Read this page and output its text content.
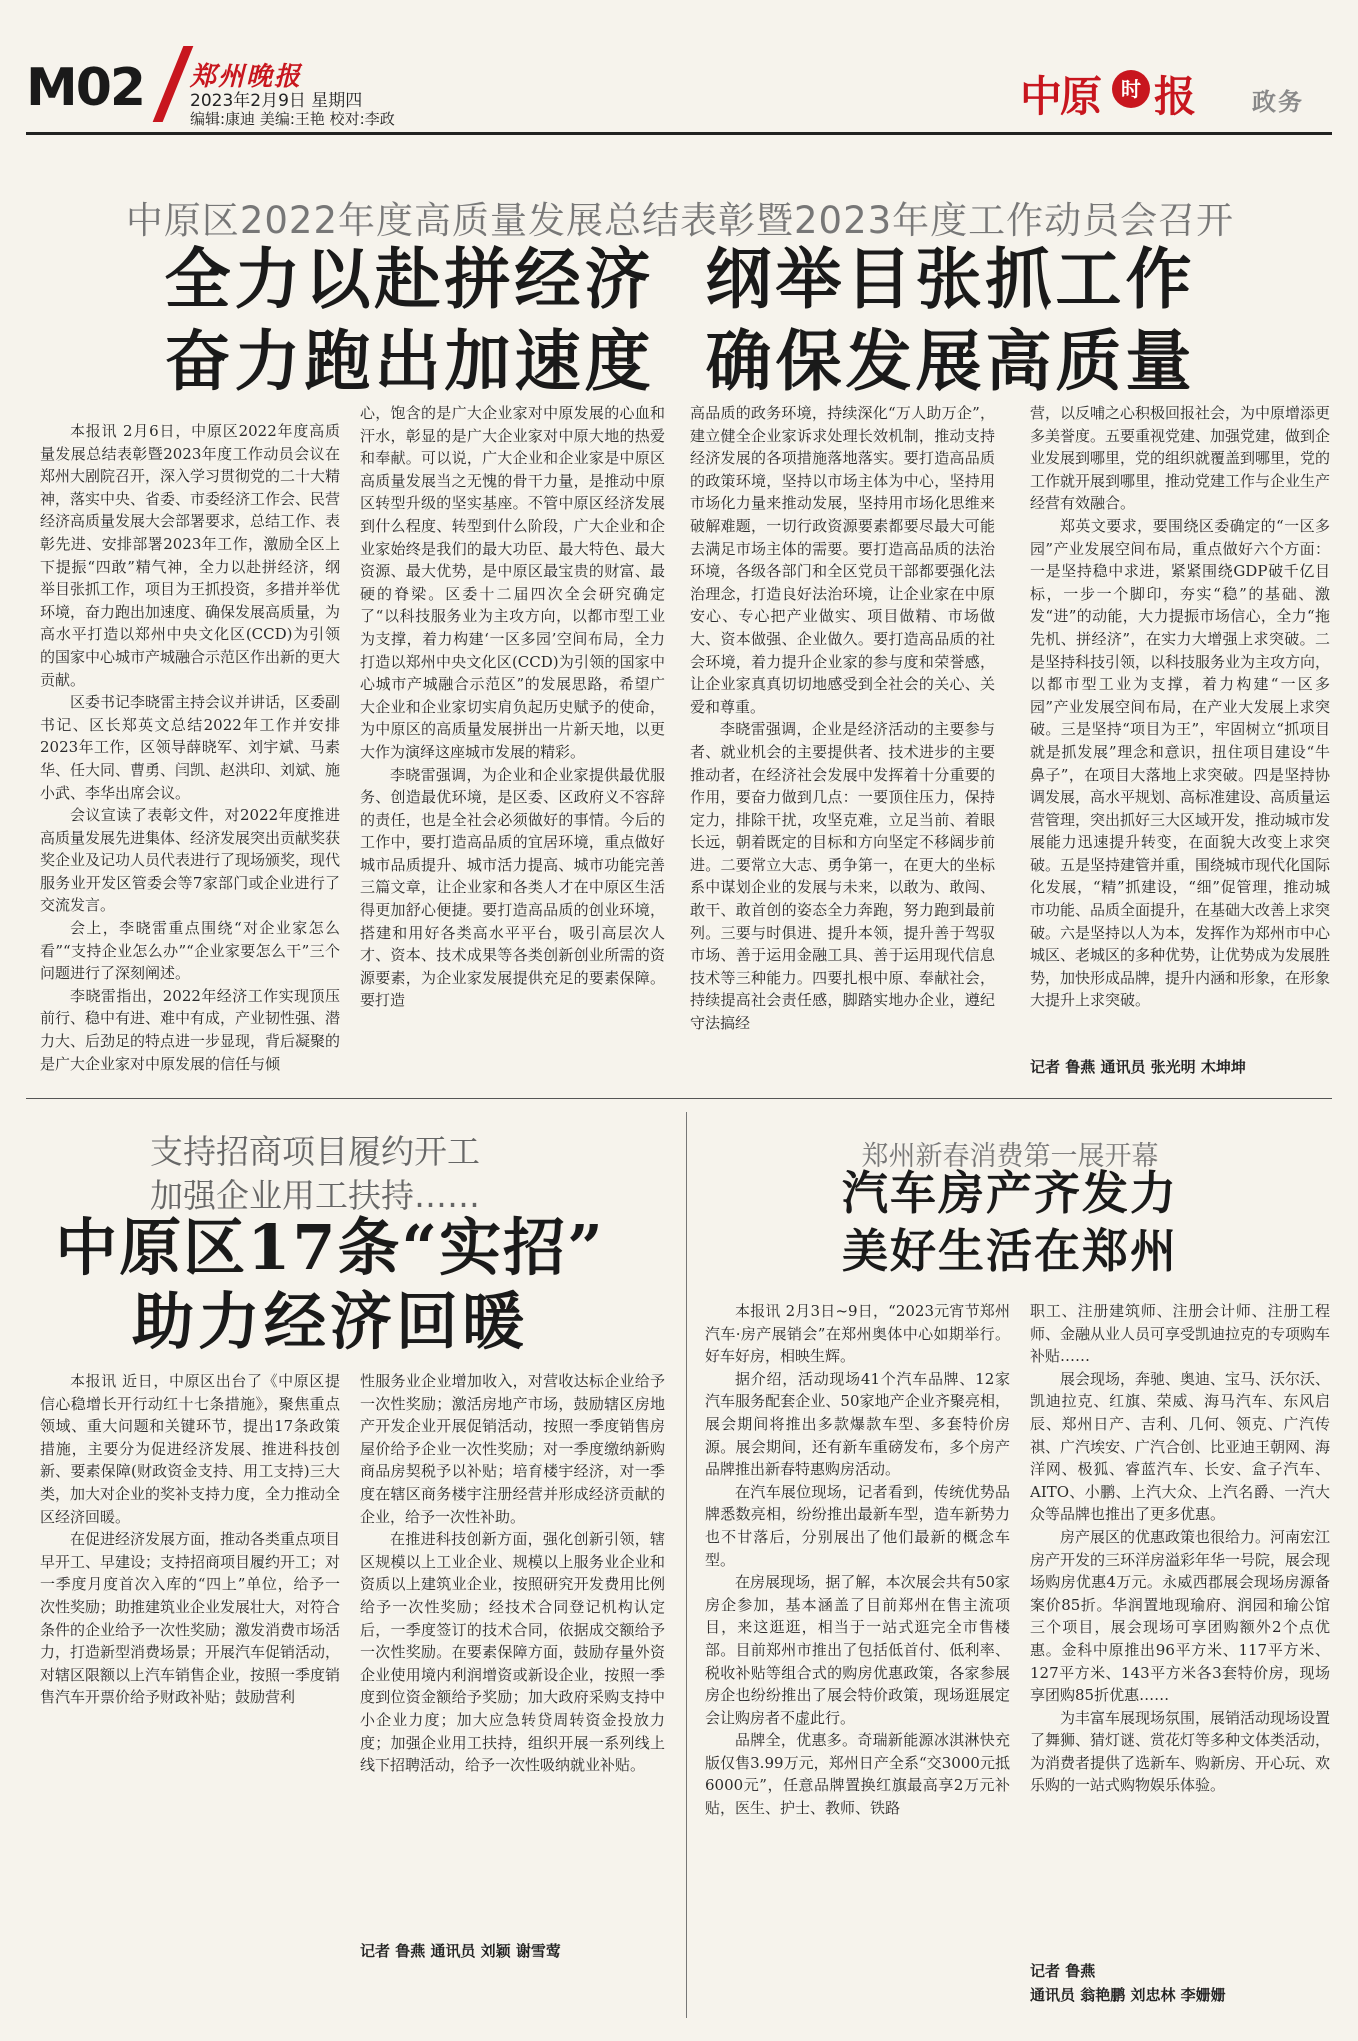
M02 郑州晚报
2023年2月9日 星期四
编辑:康迪 美编:王艳 校对:李政	中原	时 报 政务
中原区2022年度高质量发展总结表彰暨2023年度工作动员会召开
全力以赴拼经济 纲举目张抓工作
奋力跑出加速度 确保发展高质量

本报讯 2月6日，中原区2022年度高质量发展总结表彰暨2023年度工作动员会议在郑州大剧院召开，深入学习贯彻党的二十大精神，落实中央、省委、市委经济工作会、民营经济高质量发展大会部署要求，总结工作、表彰先进、安排部署2023年工作，激励全区上下提振“四敢”精气神，全力以赴拼经济，纲举目张抓工作，项目为王抓投资，多措并举优环境，奋力跑出加速度、确保发展高质量，为高水平打造以郑州中央文化区(CCD)为引领的国家中心城市产城融合示范区作出新的更大贡献。

区委书记李晓雷主持会议并讲话，区委副书记、区长郑英文总结2022年工作并安排2023年工作，区领导薛晓军、刘宇斌、马素华、任大同、曹勇、闫凯、赵洪印、刘斌、施小武、李华出席会议。

会议宣读了表彰文件，对2022年度推进高质量发展先进集体、经济发展突出贡献奖获奖企业及记功人员代表进行了现场颁奖，现代服务业开发区管委会等7家部门或企业进行了交流发言。

会上，李晓雷重点围绕“对企业家怎么看”“支持企业怎么办”“企业家要怎么干”三个问题进行了深刻阐述。

李晓雷指出，2022年经济工作实现顶压前行、稳中有进、难中有成，产业韧性强、潜力大、后劲足的特点进一步显现，背后凝聚的是广大企业家对中原发展的信任与倾

心，饱含的是广大企业家对中原发展的心血和汗水，彰显的是广大企业家对中原大地的热爱和奉献。可以说，广大企业和企业家是中原区高质量发展当之无愧的骨干力量，是推动中原区转型升级的坚实基座。不管中原区经济发展到什么程度、转型到什么阶段，广大企业和企业家始终是我们的最大功臣、最大特色、最大资源、最大优势，是中原区最宝贵的财富、最硬的脊梁。区委十二届四次全会研究确定了“以科技服务业为主攻方向，以都市型工业为支撑，着力构建‘一区多园’空间布局，全力打造以郑州中央文化区(CCD)为引领的国家中心城市产城融合示范区”的发展思路，希望广大企业和企业家切实肩负起历史赋予的使命，为中原区的高质量发展拼出一片新天地，以更大作为演绎这座城市发展的精彩。

李晓雷强调，为企业和企业家提供最优服务、创造最优环境，是区委、区政府义不容辞的责任，也是全社会必须做好的事情。今后的工作中，要打造高品质的宜居环境，重点做好城市品质提升、城市活力提高、城市功能完善三篇文章，让企业家和各类人才在中原区生活得更加舒心便捷。要打造高品质的创业环境，搭建和用好各类高水平平台，吸引高层次人才、资本、技术成果等各类创新创业所需的资源要素，为企业家发展提供充足的要素保障。要打造

高品质的政务环境，持续深化“万人助万企”，建立健全企业家诉求处理长效机制，推动支持经济发展的各项措施落地落实。要打造高品质的政策环境，坚持以市场主体为中心，坚持用市场化力量来推动发展，坚持用市场化思维来破解难题，一切行政资源要素都要尽最大可能去满足市场主体的需要。要打造高品质的法治环境，各级各部门和全区党员干部都要强化法治理念，打造良好法治环境，让企业家在中原安心、专心把产业做实、项目做精、市场做大、资本做强、企业做久。要打造高品质的社会环境，着力提升企业家的参与度和荣誉感，让企业家真真切切地感受到全社会的关心、关爱和尊重。

李晓雷强调，企业是经济活动的主要参与者、就业机会的主要提供者、技术进步的主要推动者，在经济社会发展中发挥着十分重要的作用，要奋力做到几点：一要顶住压力，保持定力，排除干扰，攻坚克难，立足当前、着眼长远，朝着既定的目标和方向坚定不移阔步前进。二要常立大志、勇争第一，在更大的坐标系中谋划企业的发展与未来，以敢为、敢闯、敢干、敢首创的姿态全力奔跑，努力跑到最前列。三要与时俱进、提升本领，提升善于驾驭市场、善于运用金融工具、善于运用现代信息技术等三种能力。四要扎根中原、奉献社会，持续提高社会责任感，脚踏实地办企业，遵纪守法搞经

营，以反哺之心积极回报社会，为中原增添更多美誉度。五要重视党建、加强党建，做到企业发展到哪里，党的组织就覆盖到哪里，党的工作就开展到哪里，推动党建工作与企业生产经营有效融合。

郑英文要求，要围绕区委确定的“一区多园”产业发展空间布局，重点做好六个方面：一是坚持稳中求进，紧紧围绕GDP破千亿目标，一步一个脚印，夯实“稳”的基础、激发“进”的动能，大力提振市场信心，全力“拖先机、拼经济”，在实力大增强上求突破。二是坚持科技引领，以科技服务业为主攻方向，以都市型工业为支撑，着力构建“一区多园”产业发展空间布局，在产业大发展上求突破。三是坚持“项目为王”，牢固树立“抓项目就是抓发展”理念和意识，扭住项目建设“牛鼻子”，在项目大落地上求突破。四是坚持协调发展，高水平规划、高标准建设、高质量运营管理，突出抓好三大区域开发，推动城市发展能力迅速提升转变，在面貌大改变上求突破。五是坚持建管并重，围绕城市现代化国际化发展，“精”抓建设，“细”促管理，推动城市功能、品质全面提升，在基础大改善上求突破。六是坚持以人为本，发挥作为郑州市中心城区、老城区的多种优势，让优势成为发展胜势，加快形成品牌，提升内涵和形象，在形象大提升上求突破。

记者 鲁燕 通讯员 张光明 木坤坤
支持招商项目履约开工
加强企业用工扶持……
中原区17条“实招”
助力经济回暖

本报讯 近日，中原区出台了《中原区提信心稳增长开行动红十七条措施》，聚焦重点领域、重大问题和关键环节，提出17条政策措施，主要分为促进经济发展、推进科技创新、要素保障(财政资金支持、用工支持)三大类，加大对企业的奖补支持力度，全力推动全区经济回暖。

在促进经济发展方面，推动各类重点项目早开工、早建设；支持招商项目履约开工；对一季度月度首次入库的“四上”单位，给予一次性奖励；助推建筑业企业发展壮大，对符合条件的企业给予一次性奖励；激发消费市场活力，打造新型消费场景；开展汽车促销活动，对辖区限额以上汽车销售企业，按照一季度销售汽车开票价给予财政补贴；鼓励营利

性服务业企业增加收入，对营收达标企业给予一次性奖励；激活房地产市场，鼓励辖区房地产开发企业开展促销活动，按照一季度销售房屋价给予企业一次性奖励；对一季度缴纳新购商品房契税予以补贴；培育楼宇经济，对一季度在辖区商务楼宇注册经营并形成经济贡献的企业，给予一次性补助。

在推进科技创新方面，强化创新引领，辖区规模以上工业企业、规模以上服务业企业和资质以上建筑业企业，按照研究开发费用比例给予一次性奖励；经技术合同登记机构认定后，一季度签订的技术合同，依据成交额给予一次性奖励。在要素保障方面，鼓励存量外资企业使用境内利润增资或新设企业，按照一季度到位资金额给予奖励；加大政府采购支持中小企业力度；加大应急转贷周转资金投放力度；加强企业用工扶持，组织开展一系列线上线下招聘活动，给予一次性吸纳就业补贴。

记者 鲁燕 通讯员 刘颖 谢雪莺
郑州新春消费第一展开幕
汽车房产齐发力
美好生活在郑州

本报讯 2月3日~9日，“2023元宵节郑州汽车·房产展销会”在郑州奥体中心如期举行。好车好房，相映生辉。

据介绍，活动现场41个汽车品牌、12家汽车服务配套企业、50家地产企业齐聚亮相，展会期间将推出多款爆款车型、多套特价房源。展会期间，还有新车重磅发布，多个房产品牌推出新春特惠购房活动。

在汽车展位现场，记者看到，传统优势品牌悉数亮相，纷纷推出最新车型，造车新势力也不甘落后，分别展出了他们最新的概念车型。

在房展现场，据了解，本次展会共有50家房企参加，基本涵盖了目前郑州在售主流项目，来这逛逛，相当于一站式逛完全市售楼部。目前郑州市推出了包括低首付、低利率、税收补贴等组合式的购房优惠政策，各家参展房企也纷纷推出了展会特价政策，现场逛展定会让购房者不虚此行。

品牌全，优惠多。奇瑞新能源冰淇淋快充版仅售3.99万元，郑州日产全系“交3000元抵6000元”，任意品牌置换红旗最高享2万元补贴，医生、护士、教师、铁路

职工、注册建筑师、注册会计师、注册工程师、金融从业人员可享受凯迪拉克的专项购车补贴……

展会现场，奔驰、奥迪、宝马、沃尔沃、凯迪拉克、红旗、荣威、海马汽车、东风启辰、郑州日产、吉利、几何、领克、广汽传祺、广汽埃安、广汽合创、比亚迪王朝网、海洋网、极狐、睿蓝汽车、长安、盒子汽车、AITO、小鹏、上汽大众、上汽名爵、一汽大众等品牌也推出了更多优惠。

房产展区的优惠政策也很给力。河南宏江房产开发的三环洋房溢彩年华一号院，展会现场购房优惠4万元。永威西郡展会现场房源备案价85折。华润置地现瑜府、润园和瑜公馆三个项目，展会现场可享团购额外2个点优惠。金科中原推出96平方米、117平方米、127平方米、143平方米各3套特价房，现场享团购85折优惠……

为丰富车展现场氛围，展销活动现场设置了舞狮、猜灯谜、赏花灯等多种文体类活动，为消费者提供了选新车、购新房、开心玩、欢乐购的一站式购物娱乐体验。

记者 鲁燕
通讯员 翁艳鹏 刘忠林 李姗姗
